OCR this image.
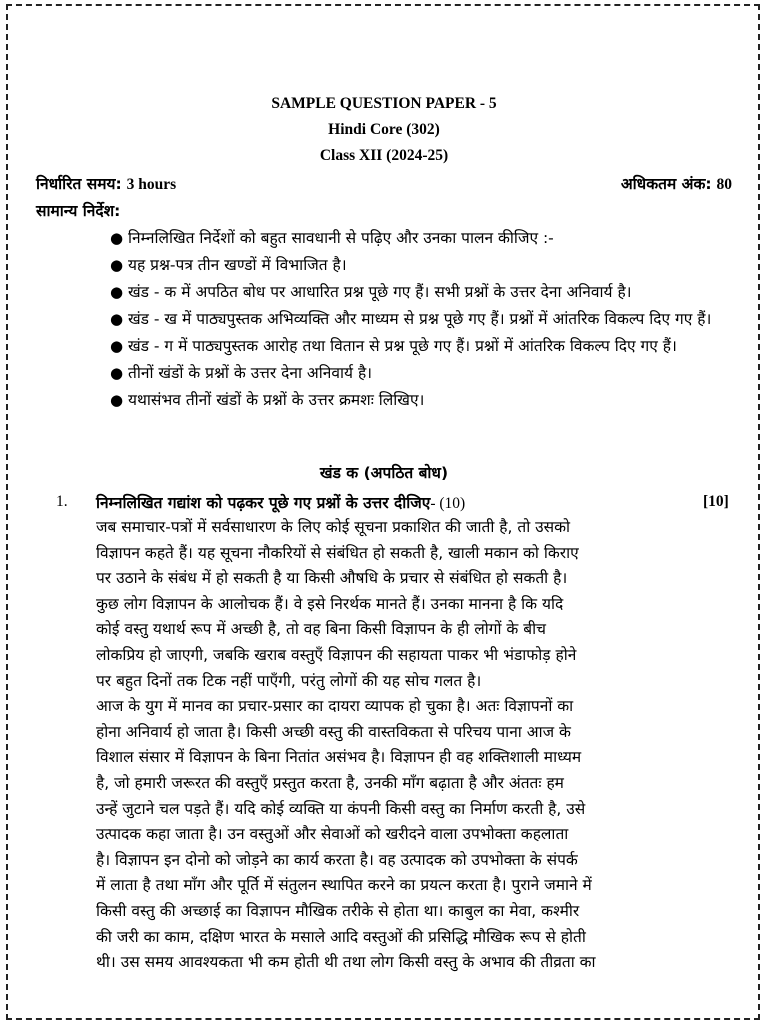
SAMPLE QUESTION PAPER - 5
Hindi Core (302)
Class XII (2024-25)
निर्धारित समय: 3 hours	अधिकतम अंक: 80
सामान्य निर्देश:
● निम्नलिखित निर्देशों को बहुत सावधानी से पढ़िए और उनका पालन कीजिए :-
● यह प्रश्न-पत्र तीन खण्डों में विभाजित है।
● खंड - क में अपठित बोध पर आधारित प्रश्न पूछे गए हैं। सभी प्रश्नों के उत्तर देना अनिवार्य है।
● खंड - ख में पाठ्यपुस्तक अभिव्यक्ति और माध्यम से प्रश्न पूछे गए हैं। प्रश्नों में आंतरिक विकल्प दिए गए हैं।
● खंड - ग में पाठ्यपुस्तक आरोह तथा वितान से प्रश्न पूछे गए हैं। प्रश्नों में आंतरिक विकल्प दिए गए हैं।
● तीनों खंडों के प्रश्नों के उत्तर देना अनिवार्य है।
● यथासंभव तीनों खंडों के प्रश्नों के उत्तर क्रमशः लिखिए।
खंड क (अपठित बोध)
1. निम्नलिखित गद्यांश को पढ़कर पूछे गए प्रश्नों के उत्तर दीजिए- (10)	[10]
जब समाचार-पत्रों में सर्वसाधारण के लिए कोई सूचना प्रकाशित की जाती है, तो उसको
विज्ञापन कहते हैं। यह सूचना नौकरियों से संबंधित हो सकती है, खाली मकान को किराए
पर उठाने के संबंध में हो सकती है या किसी औषधि के प्रचार से संबंधित हो सकती है।
कुछ लोग विज्ञापन के आलोचक हैं। वे इसे निरर्थक मानते हैं। उनका मानना है कि यदि
कोई वस्तु यथार्थ रूप में अच्छी है, तो वह बिना किसी विज्ञापन के ही लोगों के बीच
लोकप्रिय हो जाएगी, जबकि खराब वस्तुएँ विज्ञापन की सहायता पाकर भी भंडाफोड़ होने
पर बहुत दिनों तक टिक नहीं पाएँगी, परंतु लोगों की यह सोच गलत है।
आज के युग में मानव का प्रचार-प्रसार का दायरा व्यापक हो चुका है। अतः विज्ञापनों का
होना अनिवार्य हो जाता है। किसी अच्छी वस्तु की वास्तविकता से परिचय पाना आज के
विशाल संसार में विज्ञापन के बिना नितांत असंभव है। विज्ञापन ही वह शक्तिशाली माध्यम
है, जो हमारी जरूरत की वस्तुएँ प्रस्तुत करता है, उनकी माँग बढ़ाता है और अंततः हम
उन्हें जुटाने चल पड़ते हैं। यदि कोई व्यक्ति या कंपनी किसी वस्तु का निर्माण करती है, उसे
उत्पादक कहा जाता है। उन वस्तुओं और सेवाओं को खरीदने वाला उपभोक्ता कहलाता
है। विज्ञापन इन दोनो को जोड़ने का कार्य करता है। वह उत्पादक को उपभोक्ता के संपर्क
में लाता है तथा माँग और पूर्ति में संतुलन स्थापित करने का प्रयत्न करता है। पुराने जमाने में
किसी वस्तु की अच्छाई का विज्ञापन मौखिक तरीके से होता था। काबुल का मेवा, कश्मीर
की जरी का काम, दक्षिण भारत के मसाले आदि वस्तुओं की प्रसिद्धि मौखिक रूप से होती
थी। उस समय आवश्यकता भी कम होती थी तथा लोग किसी वस्तु के अभाव की तीव्रता का
